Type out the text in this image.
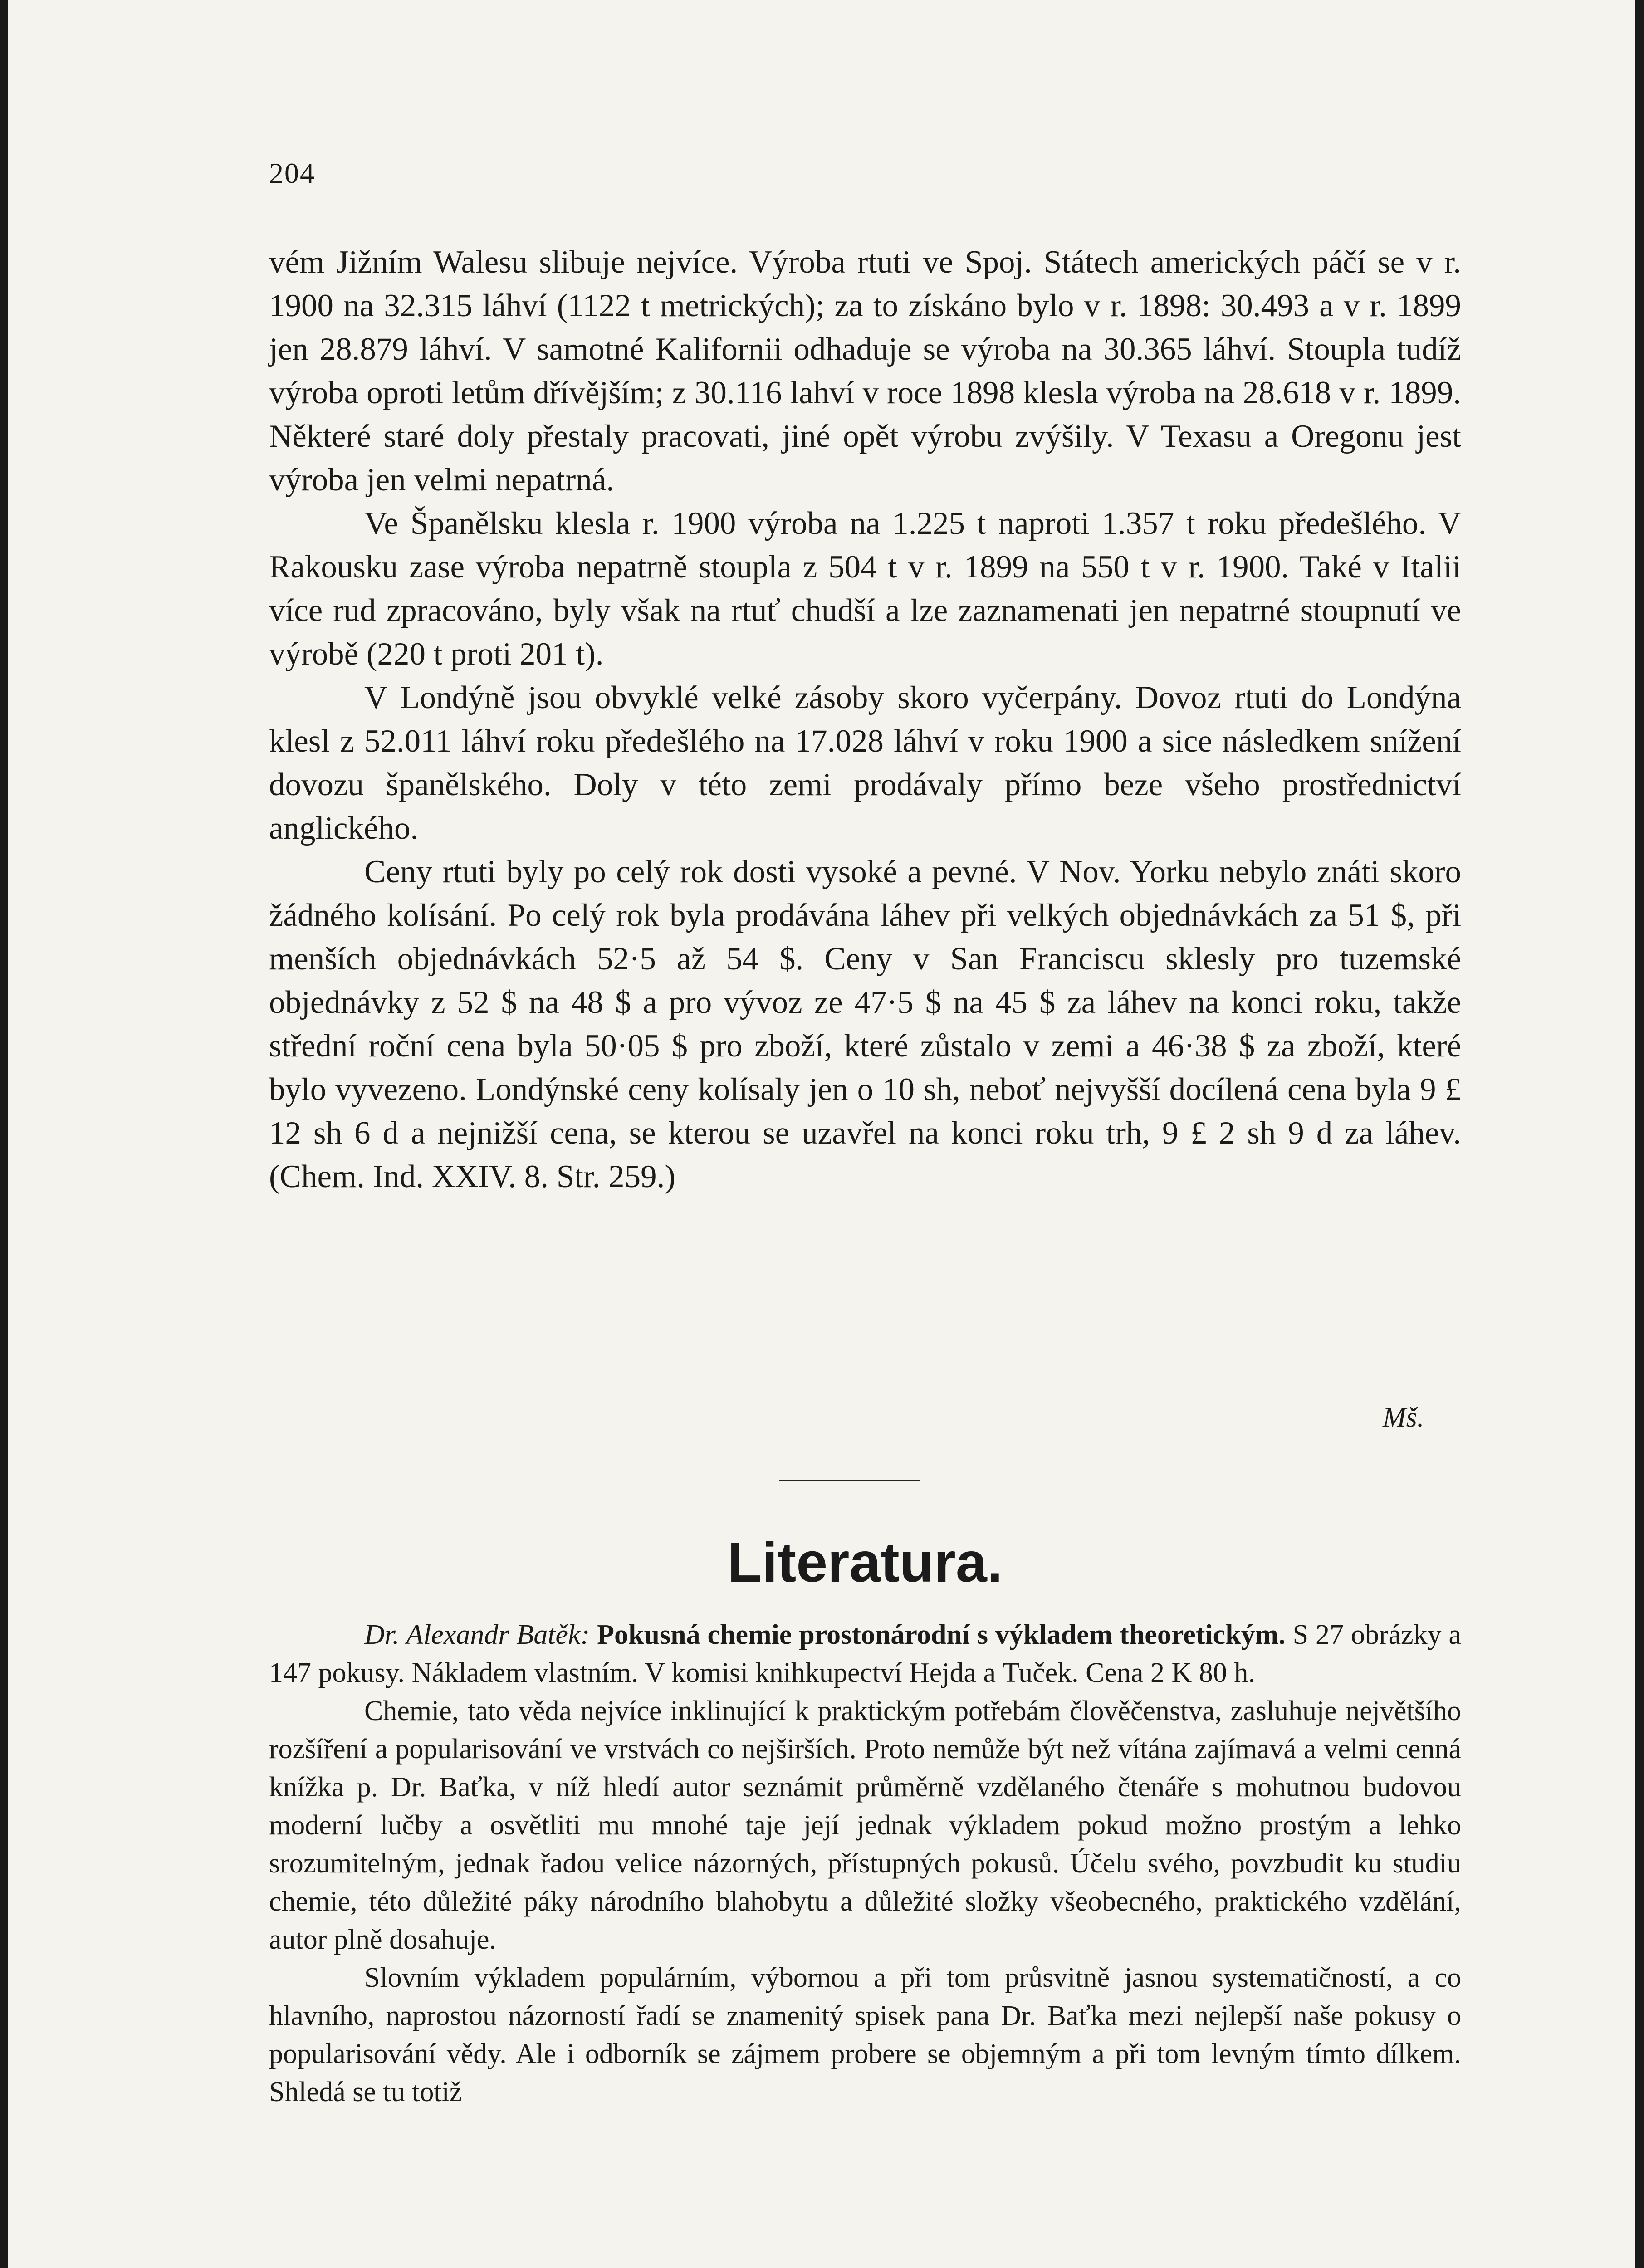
204

vém Jižním Walesu slibuje nejvíce. Výroba rtuti ve Spoj. Státech amerických páčí se v r. 1900 na 32.315 láhví (1122 t metrických); za to získáno bylo v r. 1898: 30.493 a v r. 1899 jen 28.879 láhví. V samotné Kalifornii odhaduje se výroba na 30.365 láhví. Stoupla tudíž výroba oproti letům dřívějším; z 30.116 lahví v roce 1898 klesla výroba na 28.618 v r. 1899. Některé staré doly přestaly pracovati, jiné opět výrobu zvýšily. V Texasu a Oregonu jest výroba jen velmi nepatrná.

Ve Španělsku klesla r. 1900 výroba na 1.225 t naproti 1.357 t roku předešlého. V Rakousku zase výroba nepatrně stoupla z 504 t v r. 1899 na 550 t v r. 1900. Také v Italii více rud zpracováno, byly však na rtuť chudší a lze zaznamenati jen nepatrné stoupnutí ve výrobě (220 t proti 201 t).

V Londýně jsou obvyklé velké zásoby skoro vyčerpány. Dovoz rtuti do Londýna klesl z 52.011 láhví roku předešlého na 17.028 láhví v roku 1900 a sice následkem snížení dovozu španělského. Doly v této zemi prodávaly přímo beze všeho prostřednictví anglického.

Ceny rtuti byly po celý rok dosti vysoké a pevné. V Nov. Yorku nebylo znáti skoro žádného kolísání. Po celý rok byla prodávána láhev při velkých objednávkách za 51 $, při menších objednávkách 52·5 až 54 $. Ceny v San Franciscu sklesly pro tuzemské objednávky z 52 $ na 48 $ a pro vývoz ze 47·5 $ na 45 $ za láhev na konci roku, takže střední roční cena byla 50·05 $ pro zboží, které zůstalo v zemi a 46·38 $ za zboží, které bylo vyvezeno. Londýnské ceny kolísaly jen o 10 sh, neboť nejvyšší docílená cena byla 9 £ 12 sh 6 d a nejnižší cena, se kterou se uzavřel na konci roku trh, 9 £ 2 sh 9 d za láhev. (Chem. Ind. XXIV. 8. Str. 259.)

Mš.
Literatura.

Dr. Alexandr Batěk: Pokusná chemie prostonárodní s výkladem theoretickým. S 27 obrázky a 147 pokusy. Nákladem vlastním. V komisi knihkupectví Hejda a Tuček. Cena 2 K 80 h.

Chemie, tato věda nejvíce inklinující k praktickým potřebám člověčenstva, zasluhuje největšího rozšíření a popularisování ve vrstvách co nejširších. Proto nemůže být než vítána zajímavá a velmi cenná knížka p. Dr. Baťka, v níž hledí autor seznámit průměrně vzdělaného čtenáře s mohutnou budovou moderní lučby a osvětliti mu mnohé taje její jednak výkladem pokud možno prostým a lehko srozumitelným, jednak řadou velice názorných, přístupných pokusů. Účelu svého, povzbudit ku studiu chemie, této důležité páky národního blahobytu a důležité složky všeobecného, praktického vzdělání, autor plně dosahuje.

Slovním výkladem populárním, výbornou a při tom průsvitně jasnou systematičností, a co hlavního, naprostou názorností řadí se znamenitý spisek pana Dr. Baťka mezi nejlepší naše pokusy o popularisování vědy. Ale i odborník se zájmem probere se objemným a při tom levným tímto dílkem. Shledá se tu totiž
